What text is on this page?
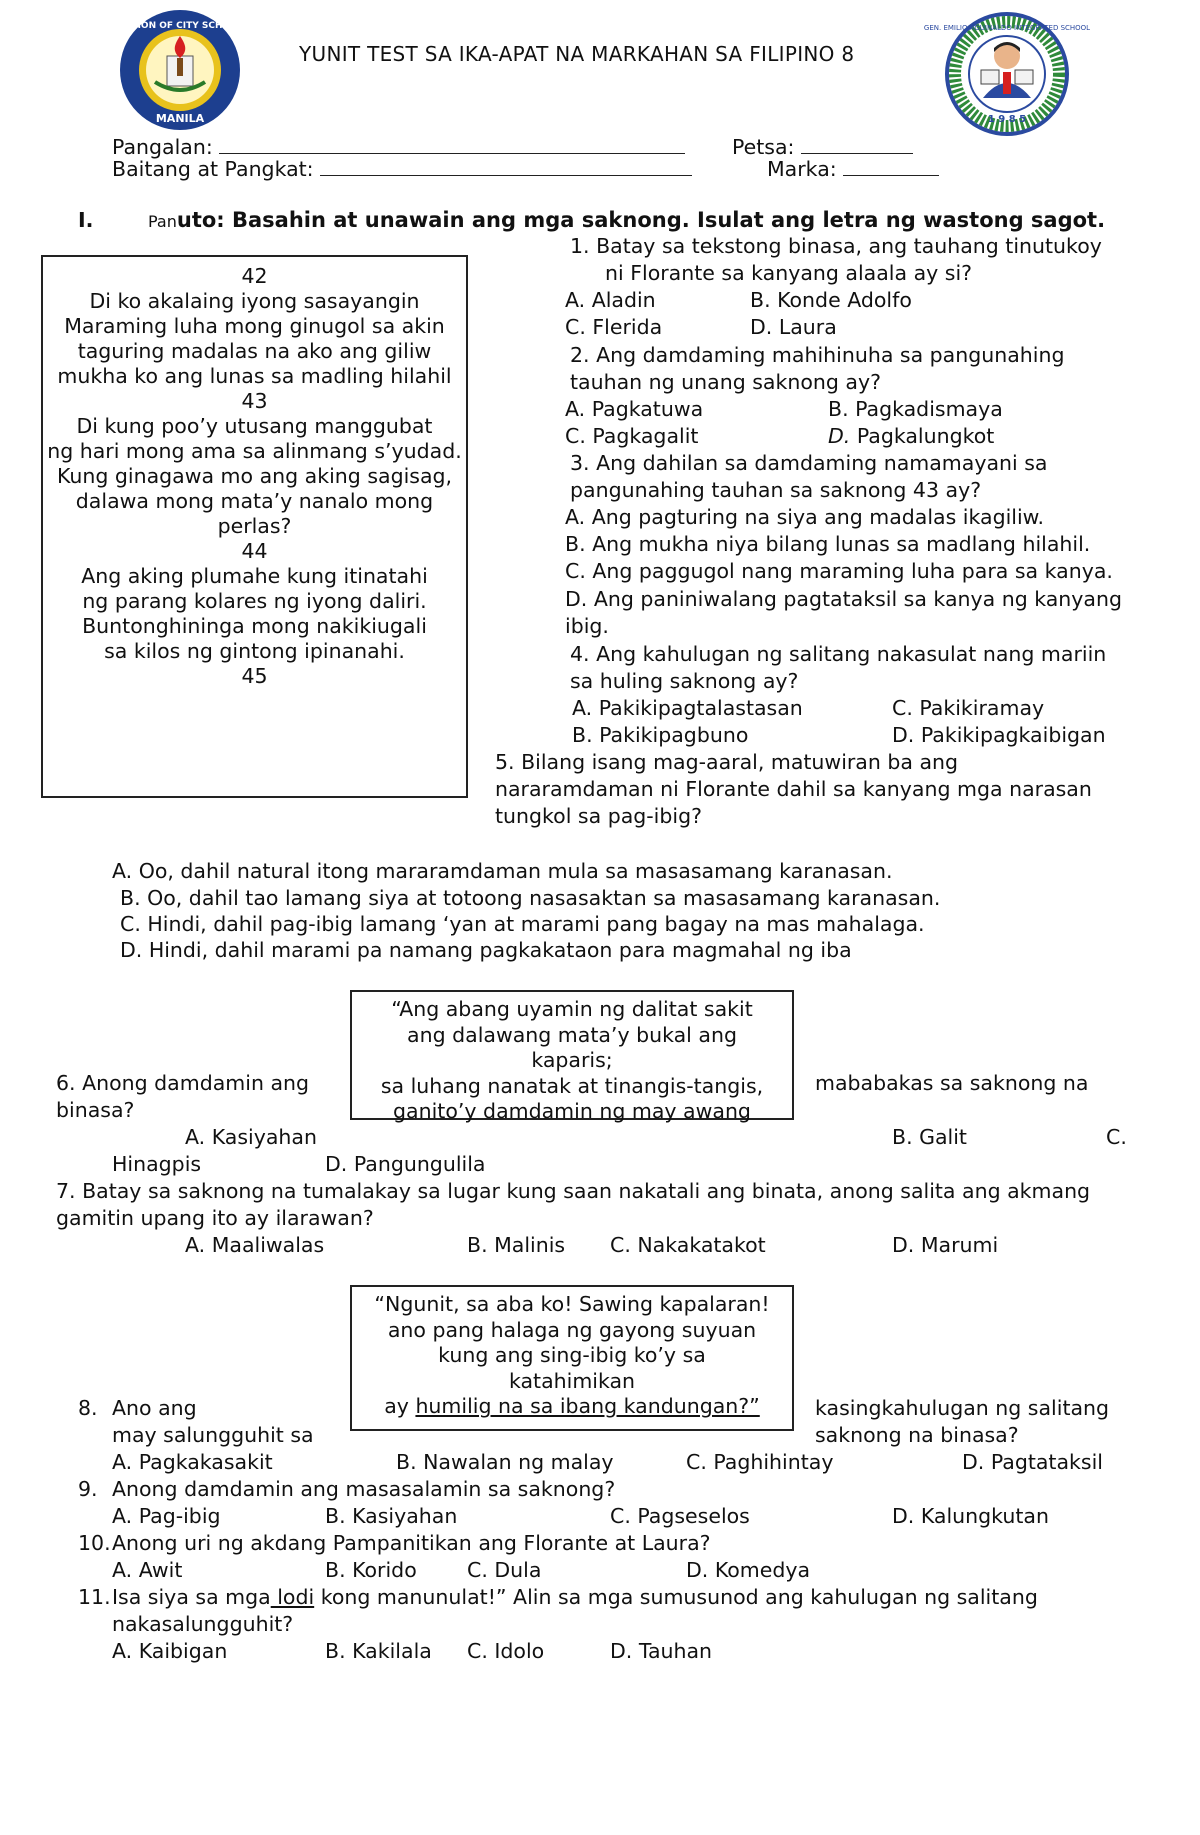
DIVISION OF CITY SCHOOLS
MANILA
GEN. EMILIO AGUINALDO INTEGRATED SCHOOL
1 9 8 5
YUNIT TEST SA IKA-APAT NA MARKAHAN SA FILIPINO 8
Pangalan:	Petsa:
Baitang at Pangkat:	Marka:
I.	Panuto: Basahin at unawain ang mga saknong. Isulat ang letra ng wastong sagot.
42
Di ko akalaing iyong sasayangin
Maraming luha mong ginugol sa akin
taguring madalas na ako ang giliw
mukha ko ang lunas sa madling hilahil
43
Di kung poo’y utusang manggubat
ng hari mong ama sa alinmang s’yudad.
Kung ginagawa mo ang aking sagisag,
dalawa mong mata’y nanalo mong perlas?
44
Ang aking plumahe kung itinatahi
ng parang kolares ng iyong daliri.
Buntonghininga mong nakikiugali
sa kilos ng gintong ipinanahi.
45
1. Batay sa tekstong binasa, ang tauhang tinutukoy
ni Florante sa kanyang alaala ay si?
A. Aladin	B. Konde Adolfo
C. Flerida	D. Laura
2. Ang damdaming mahihinuha sa pangunahing
tauhan ng unang saknong ay?
A. Pagkatuwa	B. Pagkadismaya
C. Pagkagalit	D. Pagkalungkot
3. Ang dahilan sa damdaming namamayani sa
pangunahing tauhan sa saknong 43 ay?
A. Ang pagturing na siya ang madalas ikagiliw.
B. Ang mukha niya bilang lunas sa madlang hilahil.
C. Ang paggugol nang maraming luha para sa kanya.
D. Ang paniniwalang pagtataksil sa kanya ng kanyang
ibig.
4. Ang kahulugan ng salitang nakasulat nang mariin
sa huling saknong ay?
A. Pakikipagtalastasan	C. Pakikiramay
B. Pakikipagbuno	D. Pakikipagkaibigan
5. Bilang isang mag-aaral, matuwiran ba ang
nararamdaman ni Florante dahil sa kanyang mga narasan
tungkol sa pag-ibig?
A. Oo, dahil natural itong mararamdaman mula sa masasamang karanasan.
B. Oo, dahil tao lamang siya at totoong nasasaktan sa masasamang karanasan.
C. Hindi, dahil pag-ibig lamang ‘yan at marami pang bagay na mas mahalaga.
D. Hindi, dahil marami pa namang pagkakataon para magmahal ng iba
“Ang abang uyamin ng dalitat sakit
ang dalawang mata’y bukal ang
kaparis;
sa luhang nanatak at tinangis-tangis,
ganito’y damdamin ng may awang
6. Anong damdamin ang
binasa?
mababakas sa saknong na
A. Kasiyahan	B. Galit	C.
Hinagpis	D. Pangungulila
7. Batay sa saknong na tumalakay sa lugar kung saan nakatali ang binata, anong salita ang akmang
gamitin upang ito ay ilarawan?
A. Maaliwalas	B. Malinis C. Nakakatakot	D. Marumi
“Ngunit, sa aba ko! Sawing kapalaran!
ano pang halaga ng gayong suyuan
kung ang sing-ibig ko’y sa
katahimikan
ay humilig na sa ibang kandungan?”
8. Ano ang
may salungguhit sa
kasingkahulugan ng salitang
saknong na binasa?
A. Pagkakasakit	B. Nawalan ng malay	C. Paghihintay	D. Pagtataksil
9. Anong damdamin ang masasalamin sa saknong?
A. Pag-ibig	B. Kasiyahan	C. Pagseselos	D. Kalungkutan
10. Anong uri ng akdang Pampanitikan ang Florante at Laura?
A. Awit	B. Korido C. Dula	D. Komedya
11. Isa siya sa mga lodi kong manunulat!” Alin sa mga sumusunod ang kahulugan ng salitang
nakasalungguhit?
A. Kaibigan	B. Kakilala C. Idolo	D. Tauhan
